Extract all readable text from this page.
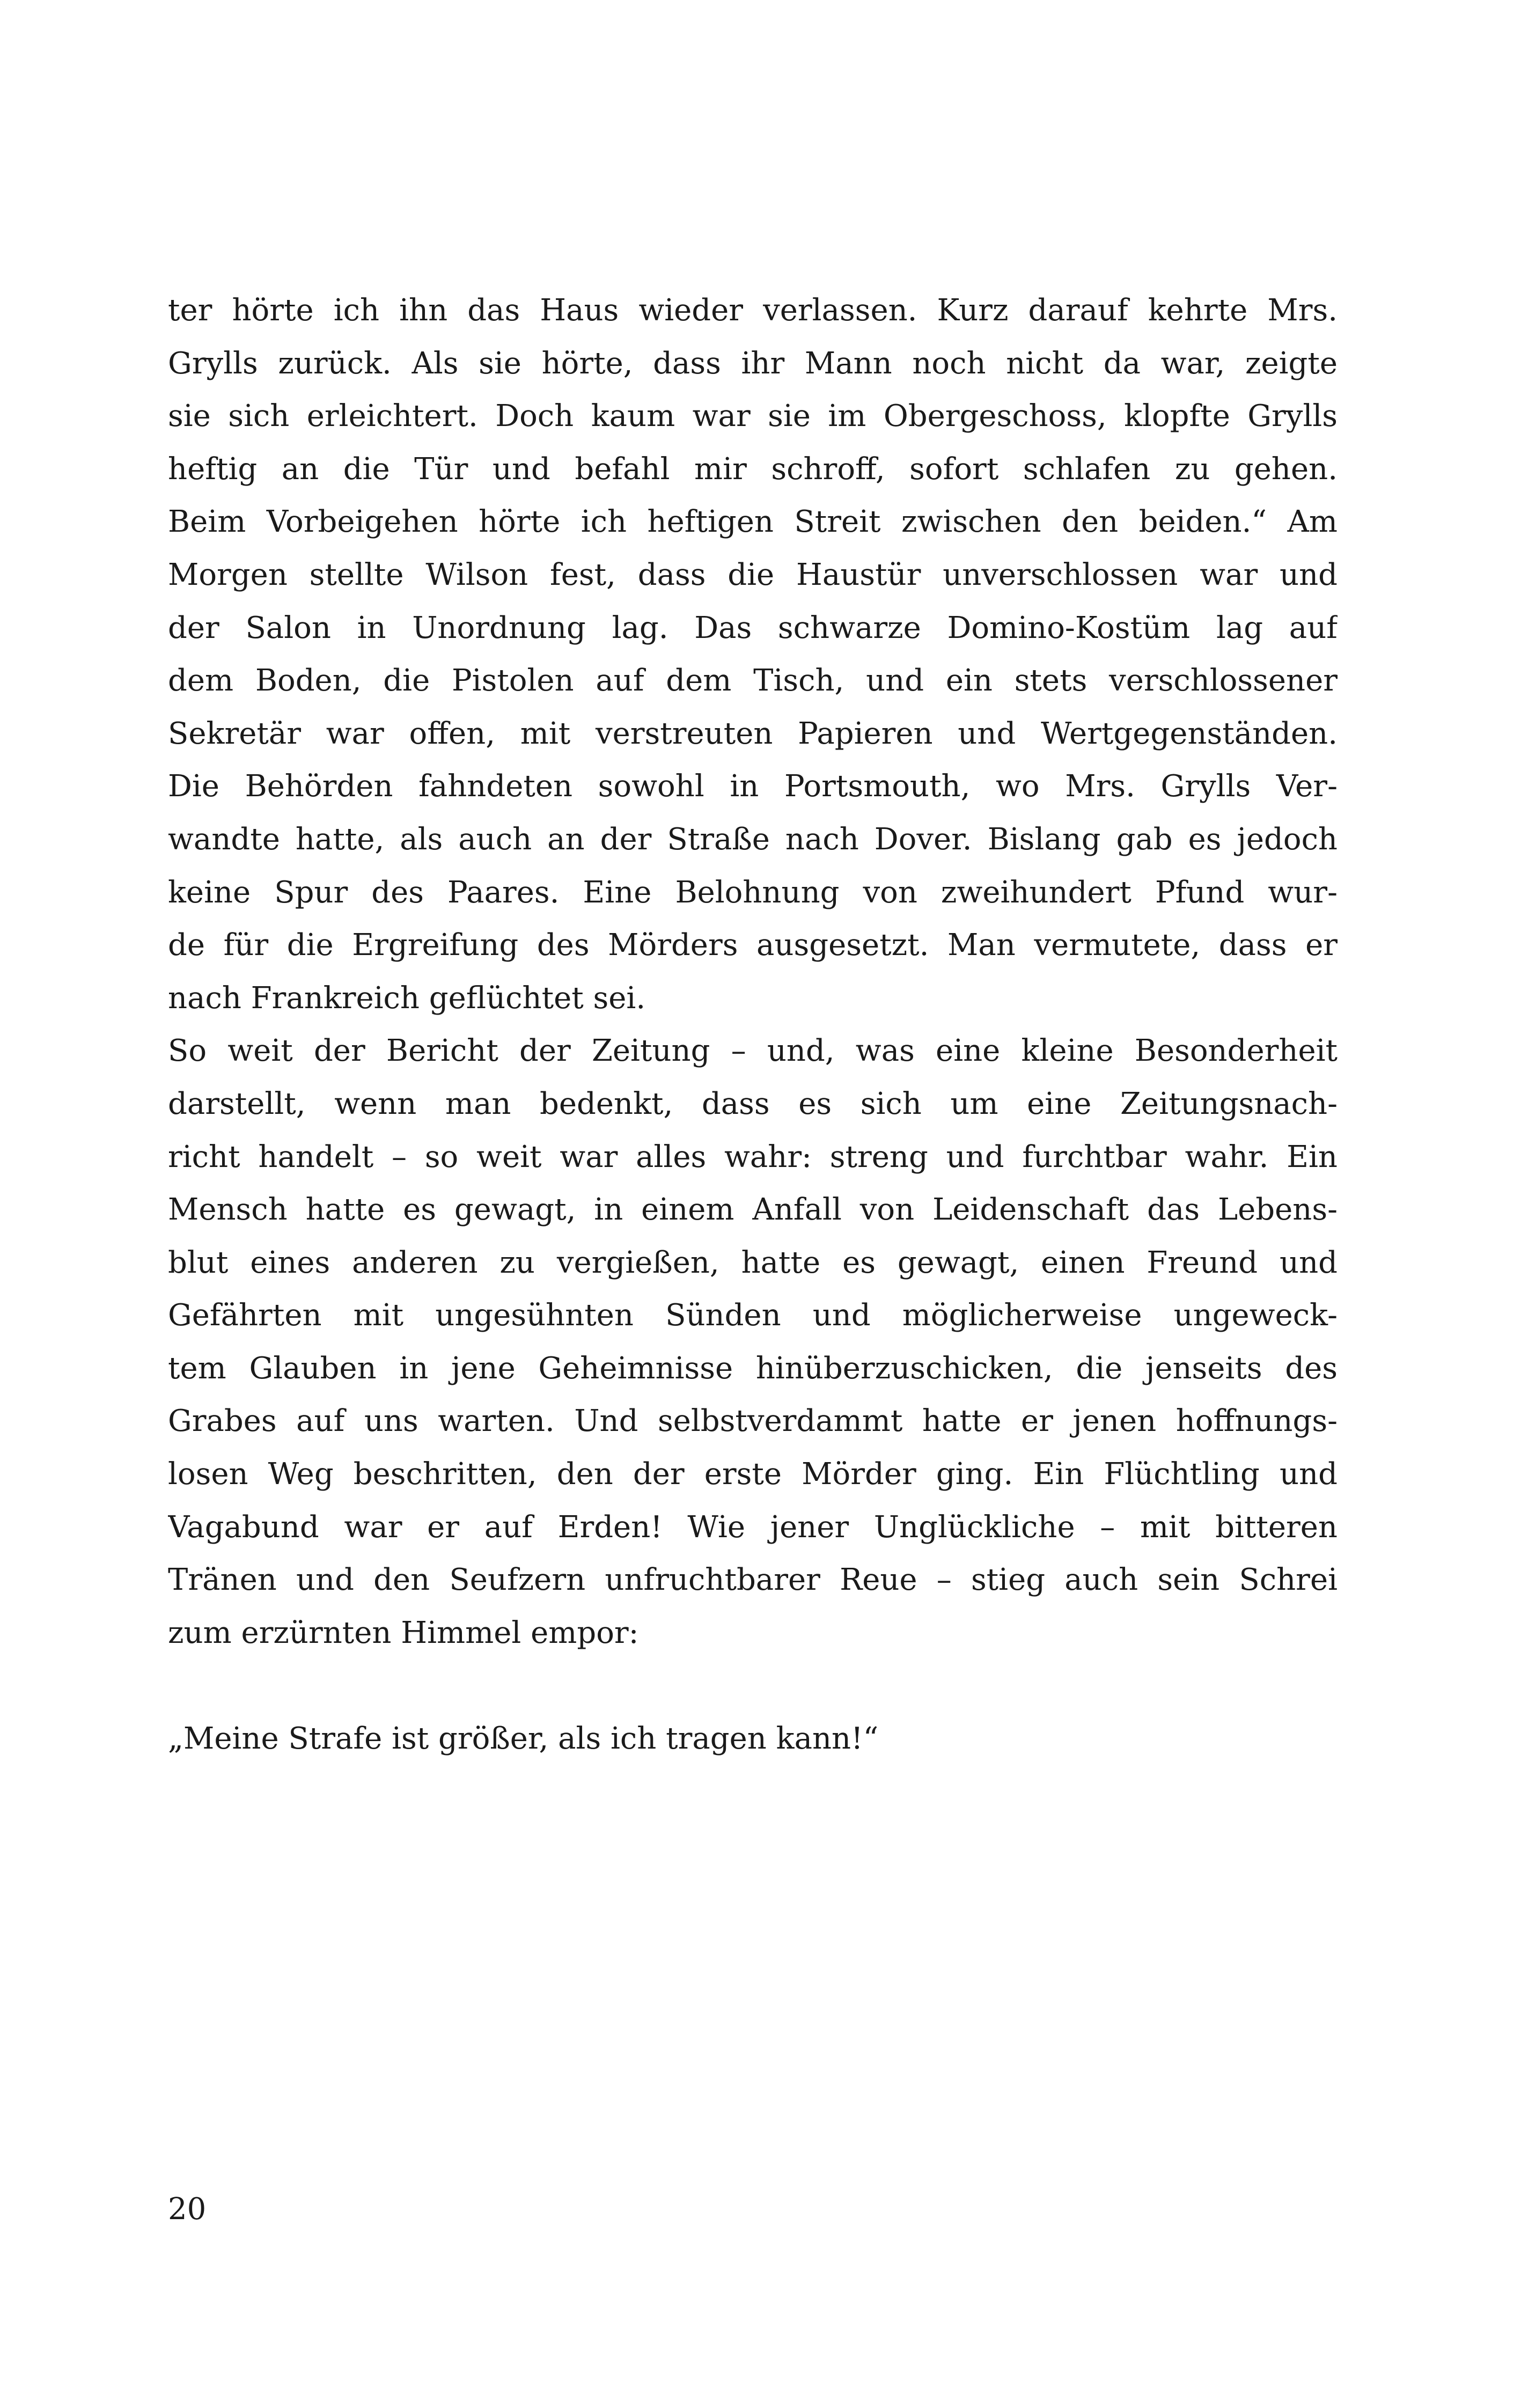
ter hörte ich ihn das Haus wieder verlassen. Kurz darauf kehrte Mrs.
Grylls zurück. Als sie hörte, dass ihr Mann noch nicht da war, zeigte
sie sich erleichtert. Doch kaum war sie im Obergeschoss, klopfte Grylls
heftig an die Tür und befahl mir schroff, sofort schlafen zu gehen.
Beim Vorbeigehen hörte ich heftigen Streit zwischen den beiden.“ Am
Morgen stellte Wilson fest, dass die Haustür unverschlossen war und
der Salon in Unordnung lag. Das schwarze Domino-Kostüm lag auf
dem Boden, die Pistolen auf dem Tisch, und ein stets verschlossener
Sekretär war offen, mit verstreuten Papieren und Wertgegenständen.
Die Behörden fahndeten sowohl in Portsmouth, wo Mrs. Grylls Ver-
wandte hatte, als auch an der Straße nach Dover. Bislang gab es jedoch
keine Spur des Paares. Eine Belohnung von zweihundert Pfund wur-
de für die Ergreifung des Mörders ausgesetzt. Man vermutete, dass er
nach Frankreich geflüchtet sei.
So weit der Bericht der Zeitung – und, was eine kleine Besonderheit
darstellt, wenn man bedenkt, dass es sich um eine Zeitungsnach-
richt handelt – so weit war alles wahr: streng und furchtbar wahr. Ein
Mensch hatte es gewagt, in einem Anfall von Leidenschaft das Lebens-
blut eines anderen zu vergießen, hatte es gewagt, einen Freund und
Gefährten mit ungesühnten Sünden und möglicherweise ungeweck-
tem Glauben in jene Geheimnisse hinüberzuschicken, die jenseits des
Grabes auf uns warten. Und selbstverdammt hatte er jenen hoffnungs-
losen Weg beschritten, den der erste Mörder ging. Ein Flüchtling und
Vagabund war er auf Erden! Wie jener Unglückliche – mit bitteren
Tränen und den Seufzern unfruchtbarer Reue – stieg auch sein Schrei
zum erzürnten Himmel empor:
„Meine Strafe ist größer, als ich tragen kann!“
20
